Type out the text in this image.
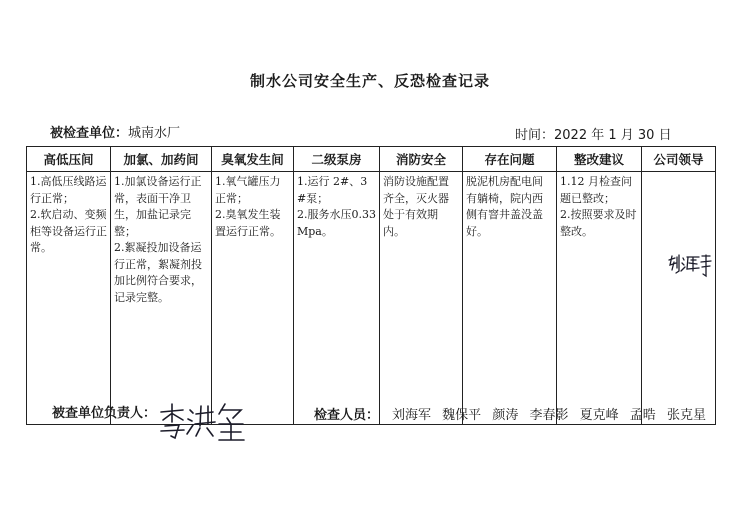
制水公司安全生产、反恐检查记录
被检查单位：城南水厂	时间：2022 年 1 月 30 日
高低压间	加氯、加药间	臭氧发生间	二级泵房	消防安全	存在问题	整改建议	公司领导

1.高低压线路运行正常；
2.软启动、变频柜等设备运行正常。	1.加氯设备运行正常，表面干净卫生，加盐记录完整；
2.絮凝投加设备运行正常，絮凝剂投加比例符合要求，记录完整。	1.氧气罐压力正常；
2.臭氧发生装置运行正常。	1.运行 2#、3#泵；
2.服务水压0.33Mpa。	消防设施配置齐全，灭火器处于有效期内。	脱泥机房配电间有躺椅，院内西侧有窨井盖没盖好。	1.12 月检查问题已整改；
2.按照要求及时整改。	

被查单位负责人：	检查人员： 刘海军 魏保平 颜涛 李春影 夏克峰 孟晧 张克星
